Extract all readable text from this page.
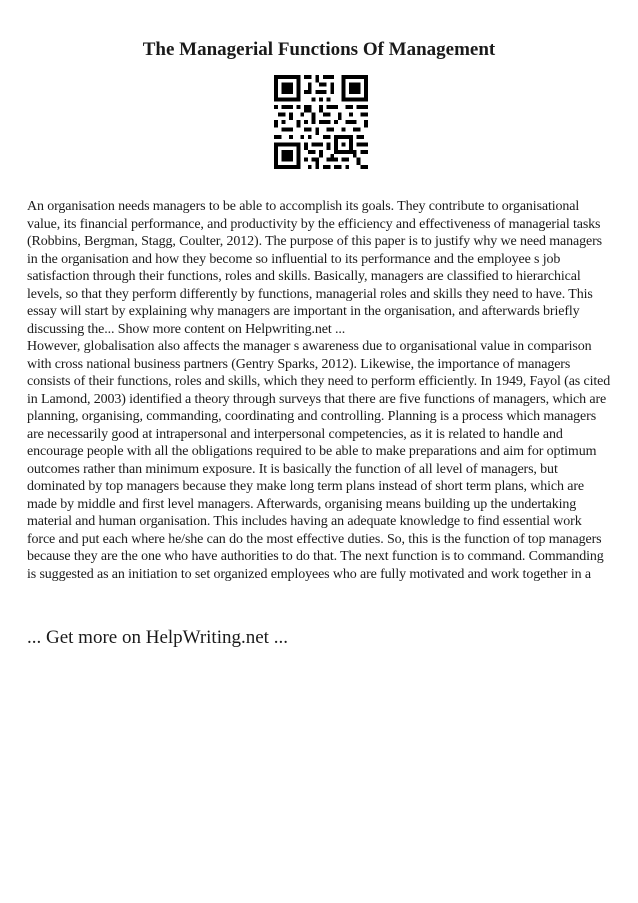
The Managerial Functions Of Management

An organisation needs managers to be able to accomplish its goals. They contribute to organisational value, its financial performance, and productivity by the efficiency and effectiveness of managerial tasks (Robbins, Bergman, Stagg, Coulter, 2012). The purpose of this paper is to justify why we need managers in the organisation and how they become so influential to its performance and the employee s job satisfaction through their functions, roles and skills. Basically, managers are classified to hierarchical levels, so that they perform differently by functions, managerial roles and skills they need to have. This essay will start by explaining why managers are important in the organisation, and afterwards briefly discussing the... Show more content on Helpwriting.net ...

However, globalisation also affects the manager s awareness due to organisational value in comparison with cross national business partners (Gentry Sparks, 2012). Likewise, the importance of managers consists of their functions, roles and skills, which they need to perform efficiently. In 1949, Fayol (as cited in Lamond, 2003) identified a theory through surveys that there are five functions of managers, which are planning, organising, commanding, coordinating and controlling. Planning is a process which managers are necessarily good at intrapersonal and interpersonal competencies, as it is related to handle and encourage people with all the obligations required to be able to make preparations and aim for optimum outcomes rather than minimum exposure. It is basically the function of all level of managers, but dominated by top managers because they make long term plans instead of short term plans, which are made by middle and first level managers. Afterwards, organising means building up the undertaking material and human organisation. This includes having an adequate knowledge to find essential work force and put each where he/she can do the most effective duties. So, this is the function of top managers because they are the one who have authorities to do that. The next function is to command. Commanding is suggested as an initiation to set organized employees who are fully motivated and work together in a

... Get more on HelpWriting.net ...
